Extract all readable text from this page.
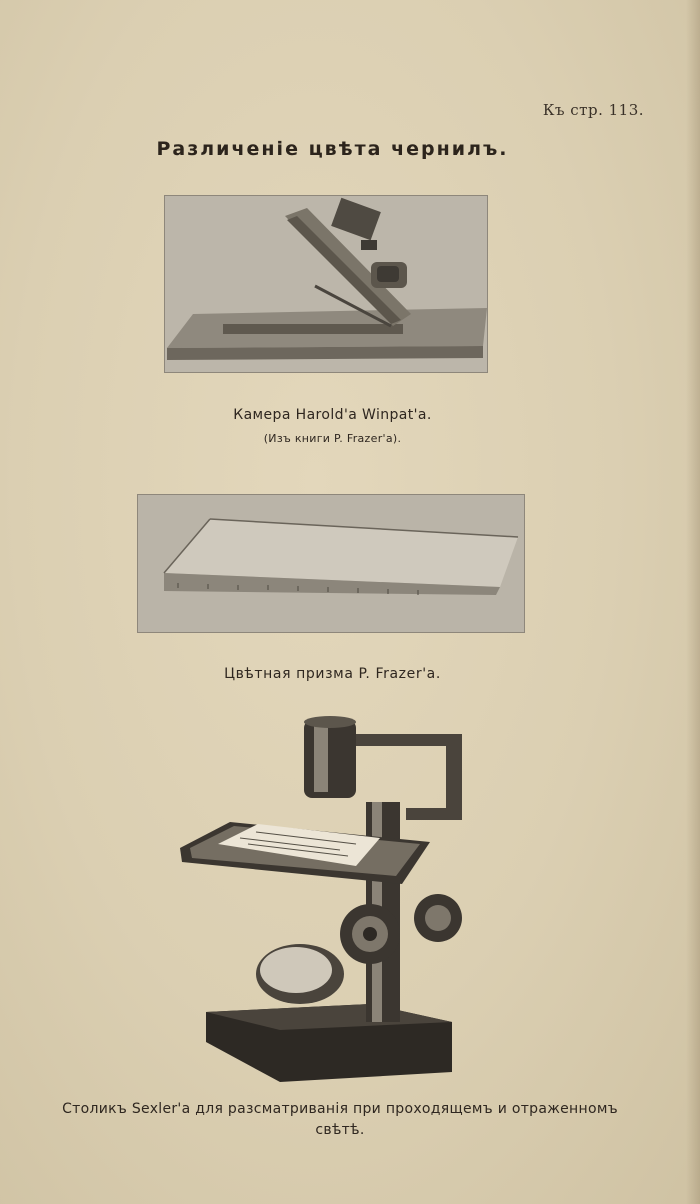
Къ стр. 113.
Различеніе цвѣта чернилъ.
Камера Harold'a Winpat'a.
(Изъ книги P. Frazer'a).
Цвѣтная призма P. Frazer'a.
Столикъ Sexler'a для разсматриванія при проходящемъ и отраженномъ свѣтѣ.
